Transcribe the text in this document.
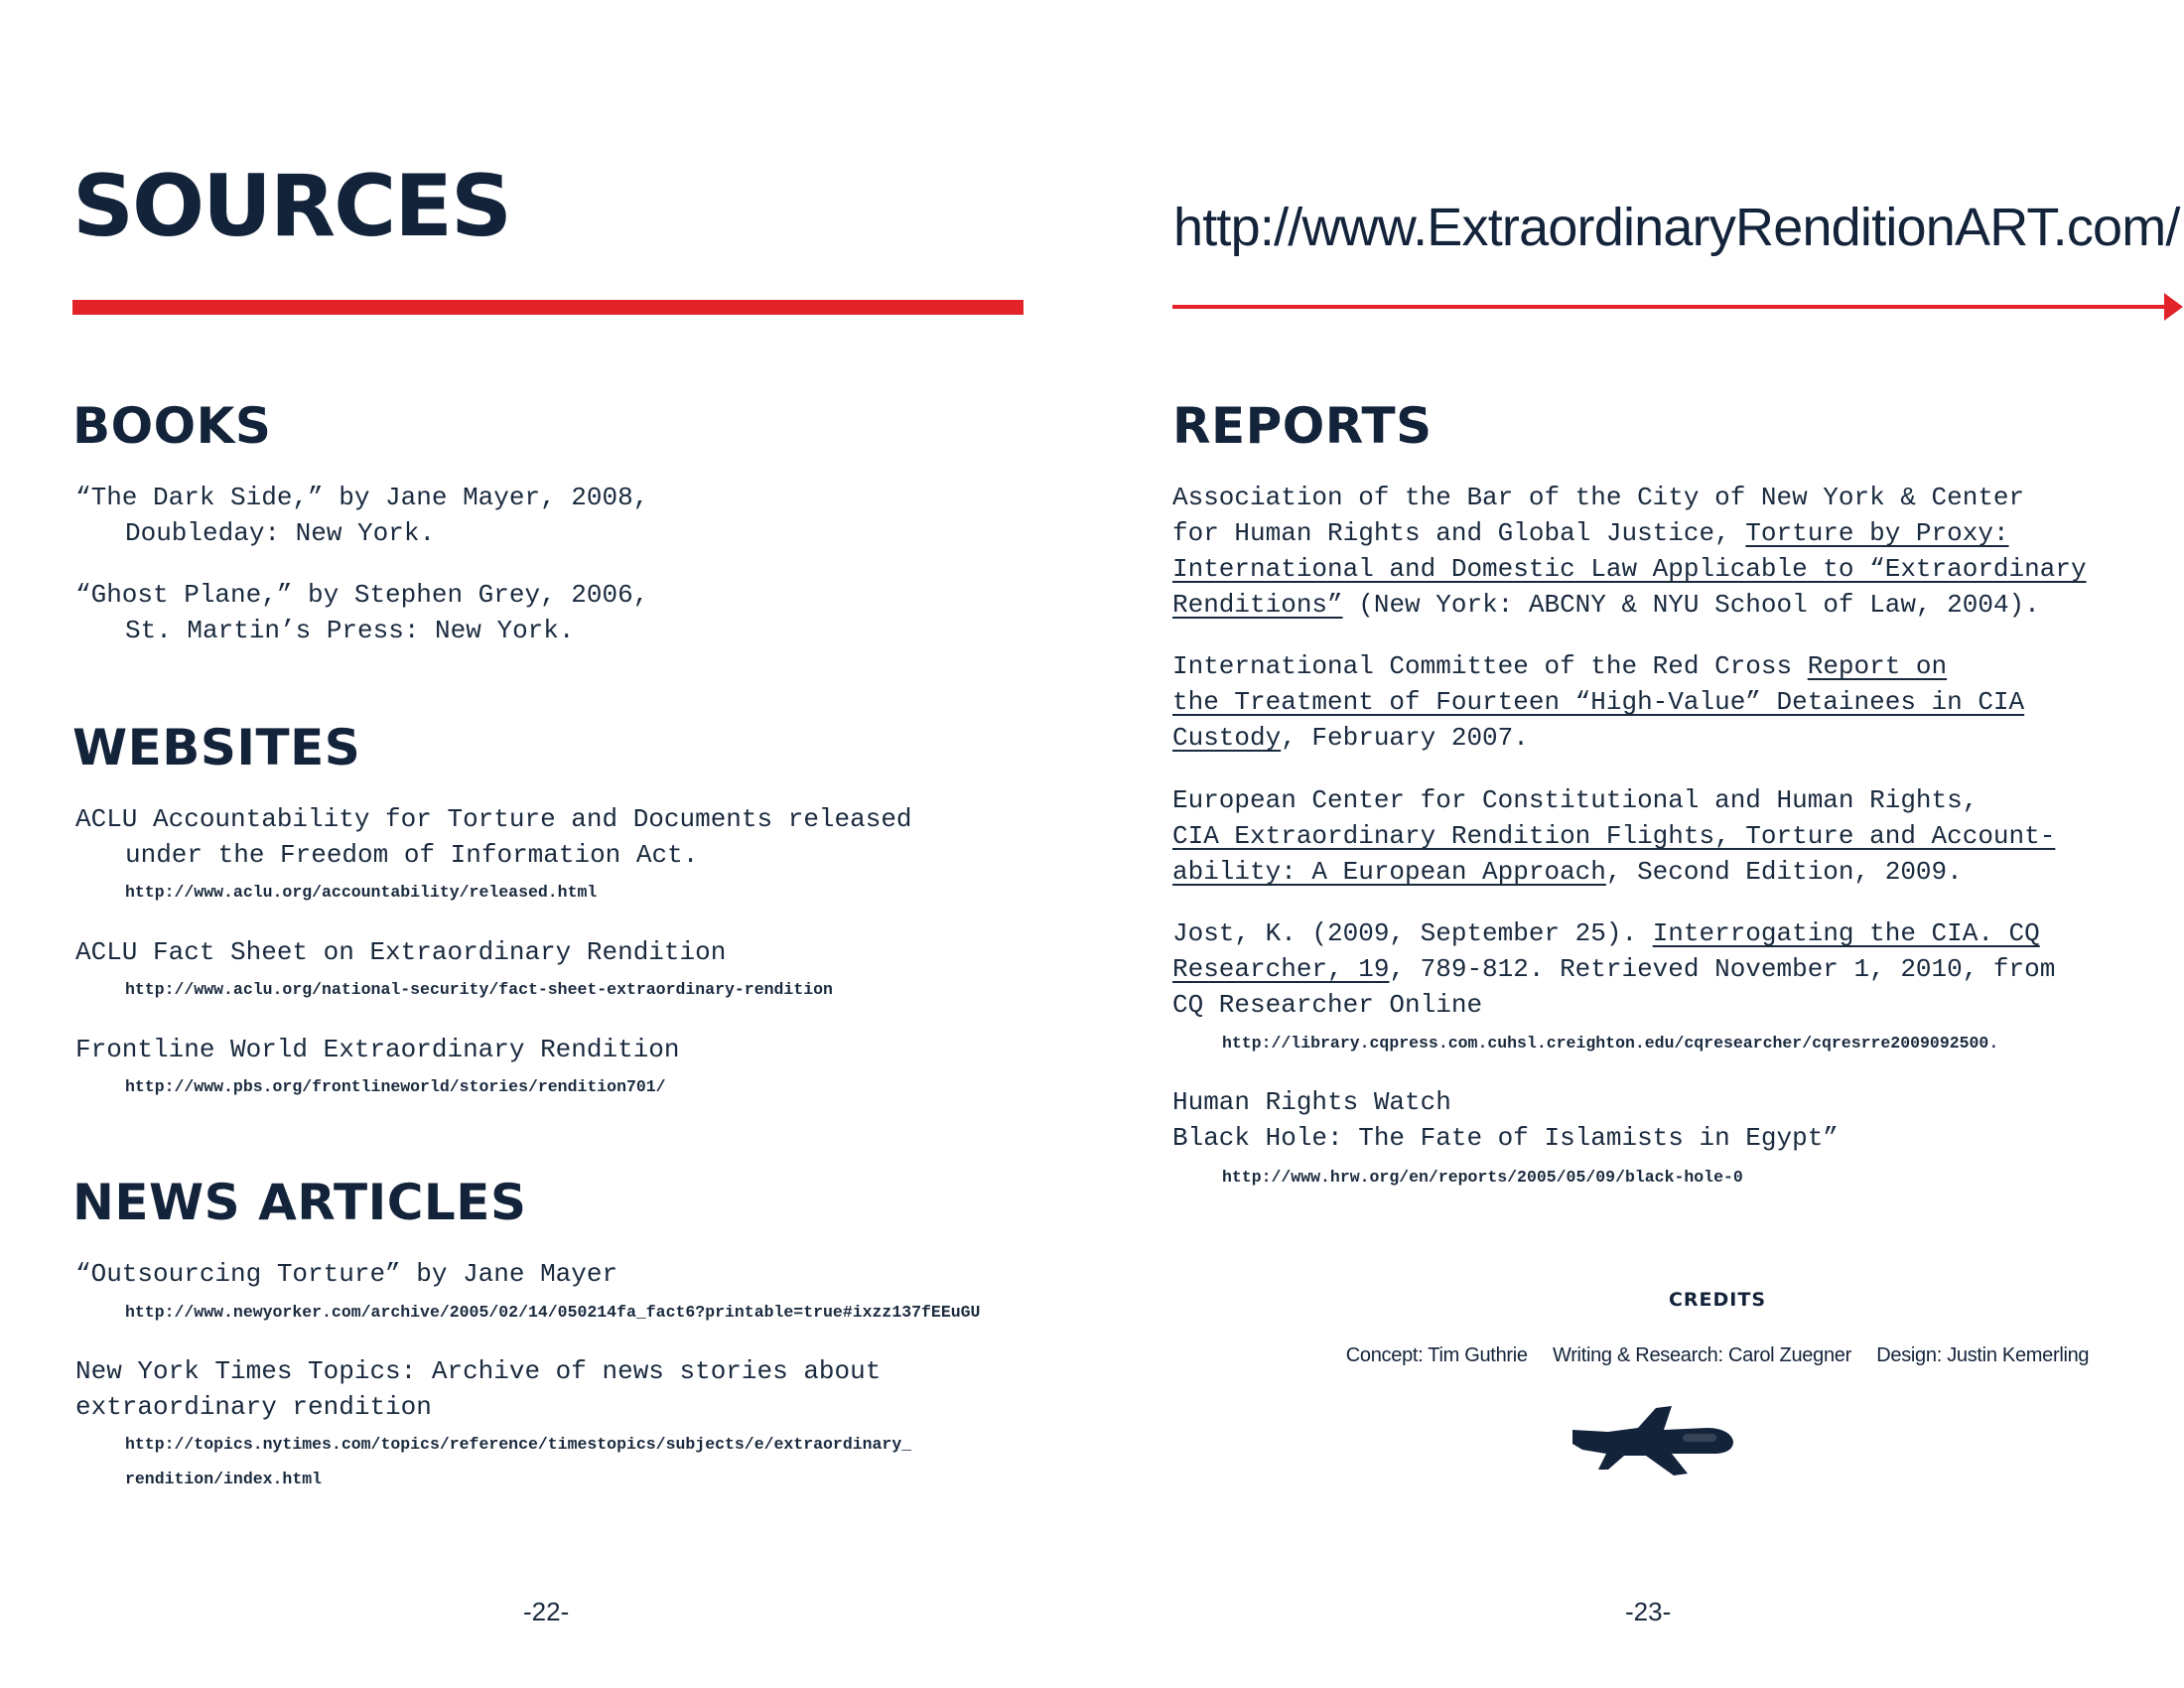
SOURCES
BOOKS
“The Dark Side,” by Jane Mayer, 2008,
Doubleday: New York.
“Ghost Plane,” by Stephen Grey, 2006,
St. Martin’s Press: New York.
WEBSITES
ACLU Accountability for Torture and Documents released
under the Freedom of Information Act.
http://www.aclu.org/accountability/released.html
ACLU Fact Sheet on Extraordinary Rendition
http://www.aclu.org/national-security/fact-sheet-extraordinary-rendition
Frontline World Extraordinary Rendition
http://www.pbs.org/frontlineworld/stories/rendition701/
NEWS ARTICLES
“Outsourcing Torture” by Jane Mayer
http://www.newyorker.com/archive/2005/02/14/050214fa_fact6?printable=true#ixzz137fEEuGU
New York Times Topics: Archive of news stories about
extraordinary rendition
http://topics.nytimes.com/topics/reference/timestopics/subjects/e/extraordinary_
rendition/index.html
-22-
http://www.ExtraordinaryRenditionART.com/
REPORTS
Association of the Bar of the City of New York & Center
for Human Rights and Global Justice, Torture by Proxy:
International and Domestic Law Applicable to “Extraordinary
Renditions” (New York: ABCNY & NYU School of Law, 2004).
International Committee of the Red Cross Report on
the Treatment of Fourteen “High-Value” Detainees in CIA
Custody, February 2007.
European Center for Constitutional and Human Rights,
CIA Extraordinary Rendition Flights, Torture and Account-
ability: A European Approach, Second Edition, 2009.
Jost, K. (2009, September 25). Interrogating the CIA. CQ
Researcher, 19, 789-812. Retrieved November 1, 2010, from
CQ Researcher Online
http://library.cqpress.com.cuhsl.creighton.edu/cqresearcher/cqresrre2009092500.
Human Rights Watch
Black Hole: The Fate of Islamists in Egypt”
http://www.hrw.org/en/reports/2005/05/09/black-hole-0
CREDITS
Concept: Tim Guthrie Writing & Research: Carol Zuegner Design: Justin Kemerling
-23-
